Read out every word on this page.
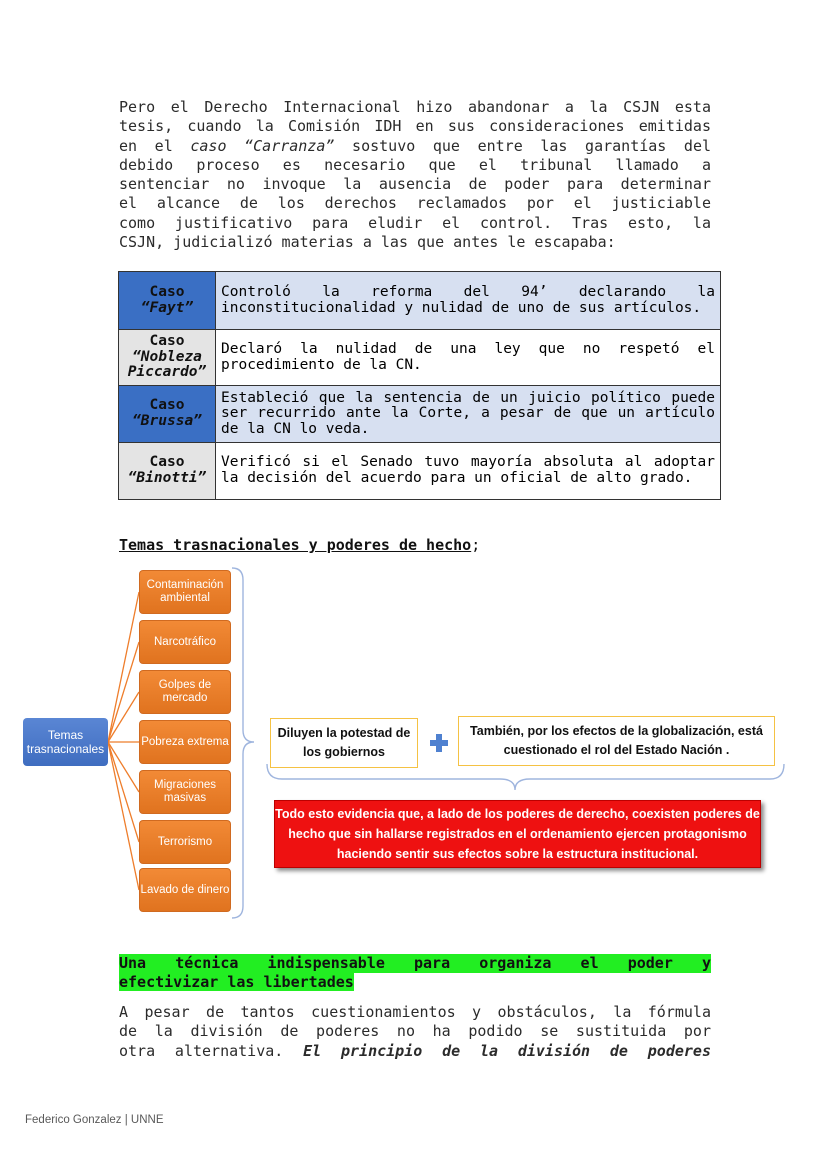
Pero el Derecho Internacional hizo abandonar a la CSJN esta
tesis, cuando la Comisión IDH en sus consideraciones emitidas
en el caso “Carranza” sostuvo que entre las garantías del
debido proceso es necesario que el tribunal llamado a
sentenciar no invoque la ausencia de poder para determinar
el alcance de los derechos reclamados por el justiciable
como justificativo para eludir el control. Tras esto, la
CSJN, judicializó materias a las que antes le escapaba:
Caso
“Fayt”	Controló la reforma del 94’ declarando la inconstitucionalidad y nulidad de uno de sus artículos.

Caso
“Nobleza Piccardo”	Declaró la nulidad de una ley que no respetó el procedimiento de la CN.

Caso
“Brussa”	Estableció que la sentencia de un juicio político puede ser recurrido ante la Corte, a pesar de que un artículo de la CN lo veda.

Caso
“Binotti”	Verificó si el Senado tuvo mayoría absoluta al adoptar la decisión del acuerdo para un oficial de alto grado.
Temas trasnacionales y poderes de hecho;
Temas trasnacionales
Contaminación ambiental
Narcotráfico
Golpes de mercado
Pobreza extrema
Migraciones masivas
Terrorismo
Lavado de dinero
Diluyen la potestad de los gobiernos
También, por los efectos de la globalización, está cuestionado el rol del Estado Nación .
Todo esto evidencia que, a lado de los poderes de derecho, coexisten poderes de hecho que sin hallarse registrados en el ordenamiento ejercen protagonismo haciendo sentir sus efectos sobre la estructura institucional.
Una técnica indispensable para organiza el poder y
efectivizar las libertades
A pesar de tantos cuestionamientos y obstáculos, la fórmula
de la división de poderes no ha podido se sustituida por
otra alternativa. El principio de la división de poderes
Federico Gonzalez | UNNE
